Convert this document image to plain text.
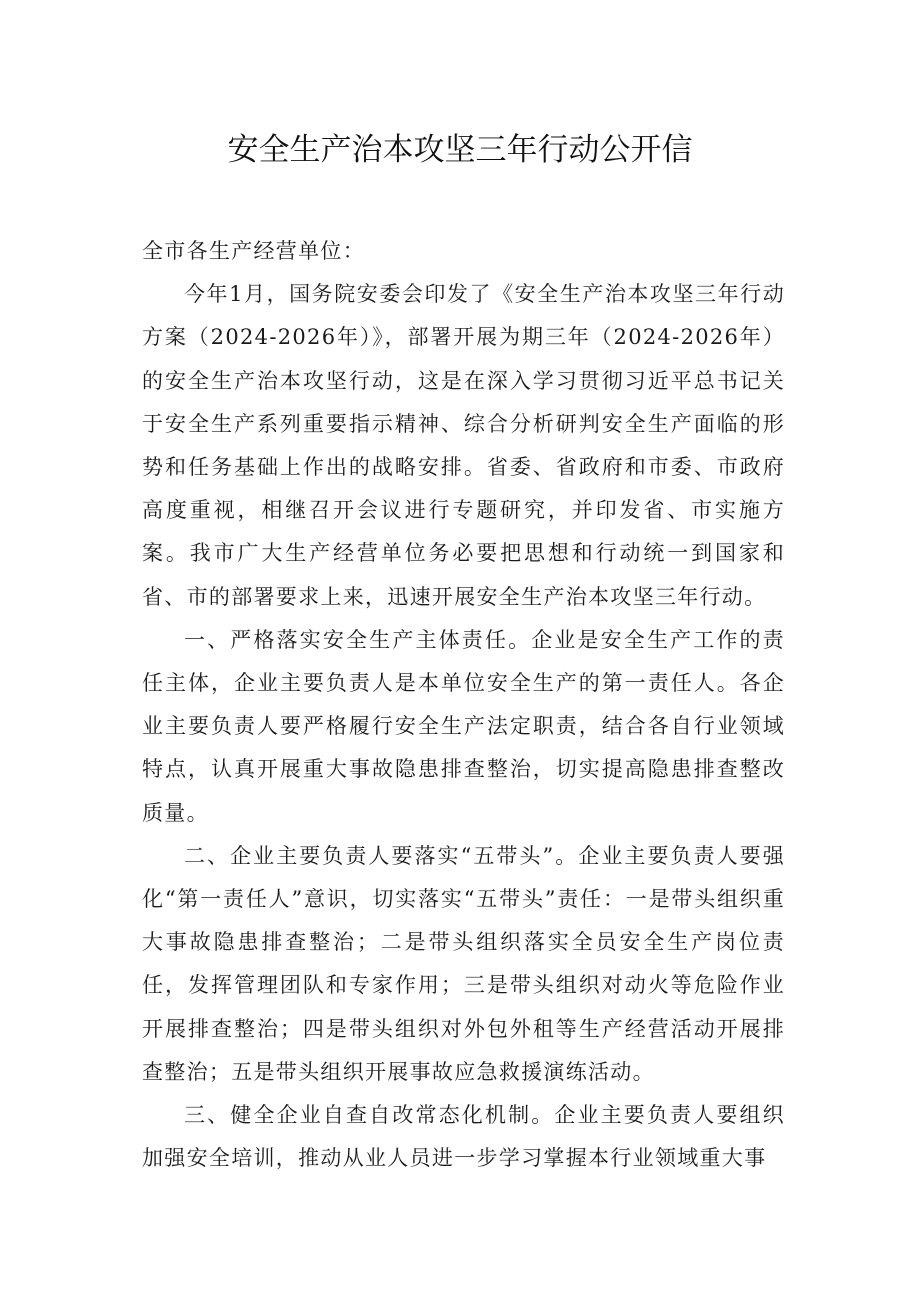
安全生产治本攻坚三年行动公开信

全市各生产经营单位：

今年1月，国务院安委会印发了《安全生产治本攻坚三年行动方案（2024-2026年）》，部署开展为期三年（2024-2026年）的安全生产治本攻坚行动，这是在深入学习贯彻习近平总书记关于安全生产系列重要指示精神、综合分析研判安全生产面临的形势和任务基础上作出的战略安排。省委、省政府和市委、市政府高度重视，相继召开会议进行专题研究，并印发省、市实施方案。我市广大生产经营单位务必要把思想和行动统一到国家和省、市的部署要求上来，迅速开展安全生产治本攻坚三年行动。

一、严格落实安全生产主体责任。企业是安全生产工作的责任主体，企业主要负责人是本单位安全生产的第一责任人。各企业主要负责人要严格履行安全生产法定职责，结合各自行业领域特点，认真开展重大事故隐患排查整治，切实提高隐患排查整改质量。

二、企业主要负责人要落实“五带头”。企业主要负责人要强化“第一责任人”意识，切实落实“五带头”责任：一是带头组织重大事故隐患排查整治；二是带头组织落实全员安全生产岗位责任，发挥管理团队和专家作用；三是带头组织对动火等危险作业开展排查整治；四是带头组织对外包外租等生产经营活动开展排查整治；五是带头组织开展事故应急救援演练活动。

三、健全企业自查自改常态化机制。企业主要负责人要组织加强安全培训，推动从业人员进一步学习掌握本行业领域重大事
